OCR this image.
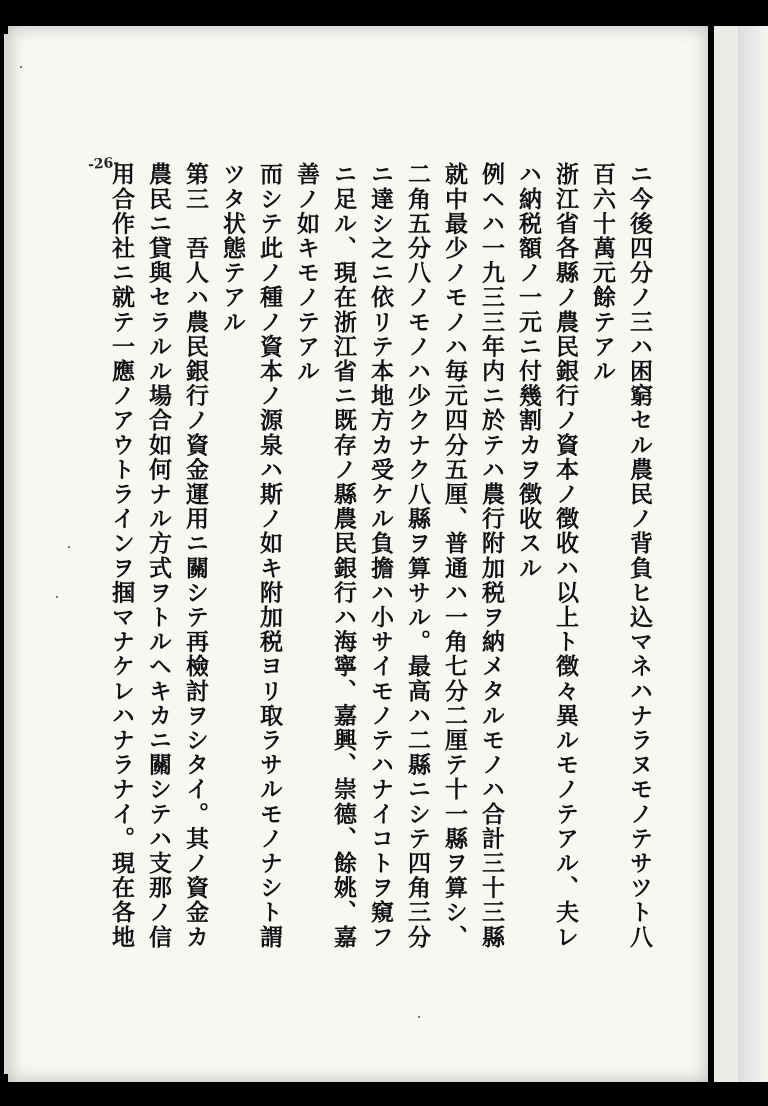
-26-	ニ今後四分ノ三ハ困窮セル農民ノ背負ヒ込マネハナラヌモノテサツト八
百六十萬元餘テアル
浙江省各縣ノ農民銀行ノ資本ノ徴收ハ以上ト徴々異ルモノテアル、夫レ
ハ納税額ノ一元ニ付幾割カヲ徴收スル
例ヘハ一九三三年内ニ於テハ農行附加税ヲ納メタルモノハ合計三十三縣
就中最少ノモノハ毎元四分五厘、普通ハ一角七分二厘テ十一縣ヲ算シ、
二角五分八ノモノハ少クナク八縣ヲ算サル。最高ハ二縣ニシテ四角三分
ニ達シ之ニ依リテ本地方カ受ケル負擔ハ小サイモノテハナイコトヲ窺フ
ニ足ル、現在浙江省ニ既存ノ縣農民銀行ハ海寧、嘉興、崇德、餘姚、嘉
善ノ如キモノテアル
而シテ此ノ種ノ資本ノ源泉ハ斯ノ如キ附加税ヨリ取ラサルモノナシト謂
ツタ状態テアル
第三　吾人ハ農民銀行ノ資金運用ニ關シテ再檢討ヲシタイ。其ノ資金カ
農民ニ貸與セラルル場合如何ナル方式ヲトルヘキカニ關シテハ支那ノ信
用合作社ニ就テ一應ノアウトラインヲ掴マナケレハナラナイ。現在各地
